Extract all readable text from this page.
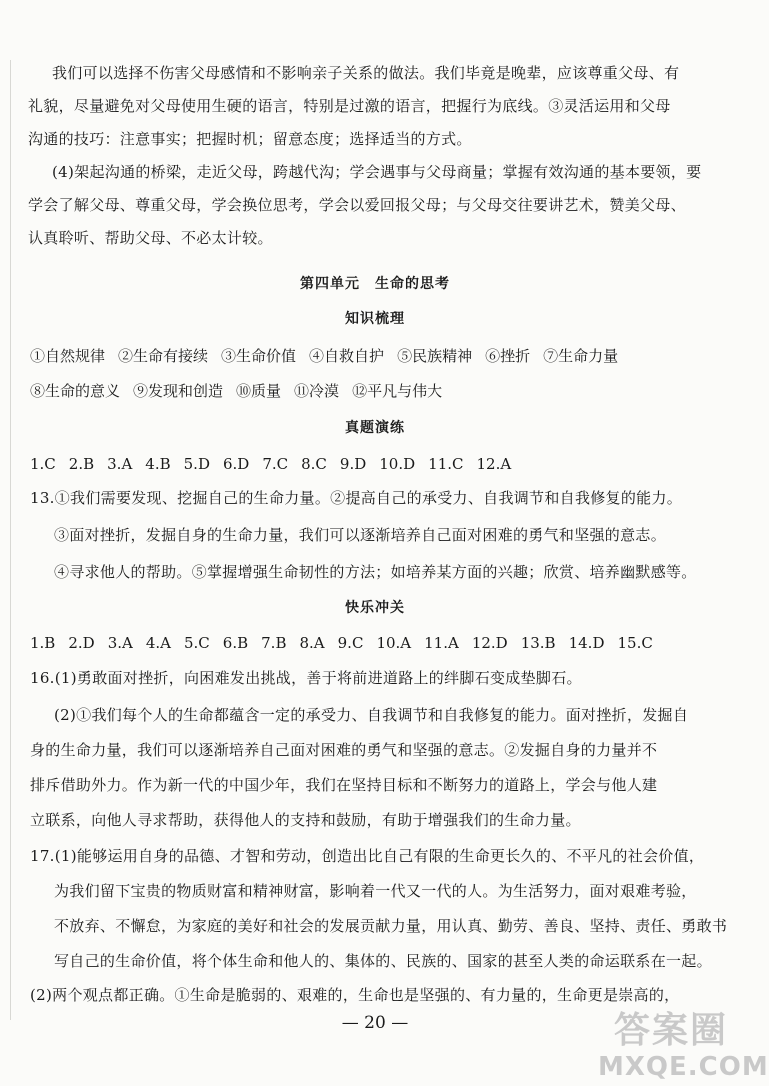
我们可以选择不伤害父母感情和不影响亲子关系的做法。我们毕竟是晚辈，应该尊重父母、有
礼貌，尽量避免对父母使用生硬的语言，特别是过激的语言，把握行为底线。③灵活运用和父母
沟通的技巧：注意事实；把握时机；留意态度；选择适当的方式。
(4)架起沟通的桥梁，走近父母，跨越代沟；学会遇事与父母商量；掌握有效沟通的基本要领，要
学会了解父母、尊重父母，学会换位思考，学会以爱回报父母；与父母交往要讲艺术，赞美父母、
认真聆听、帮助父母、不必太计较。
第四单元　生命的思考
知识梳理
①自然规律 ②生命有接续 ③生命价值 ④自救自护 ⑤民族精神 ⑥挫折 ⑦生命力量
⑧生命的意义 ⑨发现和创造 ⑩质量 ⑪冷漠 ⑫平凡与伟大
真题演练
1.C 2.B 3.A 4.B 5.D 6.D 7.C 8.C 9.D 10.D 11.C 12.A
13.①我们需要发现、挖掘自己的生命力量。②提高自己的承受力、自我调节和自我修复的能力。
③面对挫折，发掘自身的生命力量，我们可以逐渐培养自己面对困难的勇气和坚强的意志。
④寻求他人的帮助。⑤掌握增强生命韧性的方法；如培养某方面的兴趣；欣赏、培养幽默感等。
快乐冲关
1.B 2.D 3.A 4.A 5.C 6.B 7.B 8.A 9.C 10.A 11.A 12.D 13.B 14.D 15.C
16.(1)勇敢面对挫折，向困难发出挑战，善于将前进道路上的绊脚石变成垫脚石。
(2)①我们每个人的生命都蕴含一定的承受力、自我调节和自我修复的能力。面对挫折，发掘自
身的生命力量，我们可以逐渐培养自己面对困难的勇气和坚强的意志。②发掘自身的力量并不
排斥借助外力。作为新一代的中国少年，我们在坚持目标和不断努力的道路上，学会与他人建
立联系，向他人寻求帮助，获得他人的支持和鼓励，有助于增强我们的生命力量。
17.(1)能够运用自身的品德、才智和劳动，创造出比自己有限的生命更长久的、不平凡的社会价值，
为我们留下宝贵的物质财富和精神财富，影响着一代又一代的人。为生活努力，面对艰难考验，
不放弃、不懈怠，为家庭的美好和社会的发展贡献力量，用认真、勤劳、善良、坚持、责任、勇敢书
写自己的生命价值，将个体生命和他人的、集体的、民族的、国家的甚至人类的命运联系在一起。
(2)两个观点都正确。①生命是脆弱的、艰难的，生命也是坚强的、有力量的，生命更是崇高的，
— 20 —	答案圈
MXQE.COM
